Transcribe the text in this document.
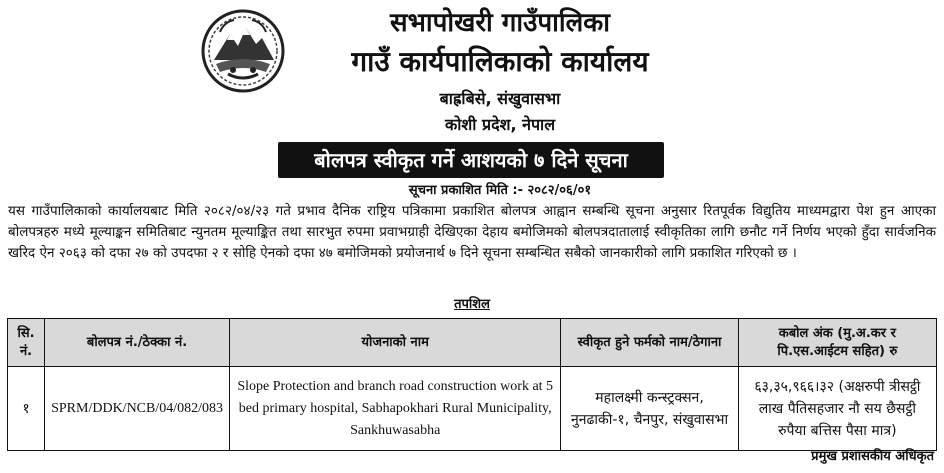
सभापोखरी गाउँपालिका
गाउँ कार्यपालिकाको कार्यालय
बाह्रबिसे, संखुवासभा
कोशी प्रदेश, नेपाल
बोलपत्र स्वीकृत गर्ने आशयको ७ दिने सूचना
सूचना प्रकाशित मिति :- २०८२/०६/०१

यस गाउँपालिकाको कार्यालयबाट मिति २०८२/०४/२३ गते प्रभाव दैनिक राष्ट्रिय पत्रिकामा प्रकाशित बोलपत्र आह्वान सम्बन्धि सूचना अनुसार रितपूर्वक विद्युतिय माध्यमद्वारा पेश हुन आएका बोलपत्रहरु मध्ये मूल्याङ्कन समितिबाट न्युनतम मूल्याङ्कित तथा सारभुत रुपमा प्रवाभग्राही देखिएका देहाय बमोजिमको बोलपत्रदातालाई स्वीकृतिका लागि छनौट गर्ने निर्णय भएको हुँदा सार्वजनिक खरिद ऐन २०६३ को दफा २७ को उपदफा २ र सोहि ऐनको दफा ४७ बमोजिमको प्रयोजनार्थ ७ दिने सूचना सम्बन्धित सबैको जानकारीको लागि प्रकाशित गरिएको छ ।

तपशिल
सि. नं.	बोलपत्र नं./ठेक्का नं.	योजनाको नाम	स्वीकृत हुने फर्मको नाम/ठेगाना	कबोल अंक (मु.अ.कर र पि.एस.आईटम सहित) रु
१	SPRM/DDK/NCB/04/082/083	Slope Protection and branch road construction work at 5 bed primary hospital, Sabhapokhari Rural Municipality, Sankhuwasabha	महालक्ष्मी कन्स्ट्रक्सन, नुनढाकी-१, चैनपुर, संखुवासभा	६३,३५,९६६।३२ (अक्षरुपी त्रीसट्ठी लाख पैतिसहजार नौ सय छैसट्ठी रुपैया बत्तिस पैसा मात्र)
प्रमुख प्रशासकीय अधिकृत
